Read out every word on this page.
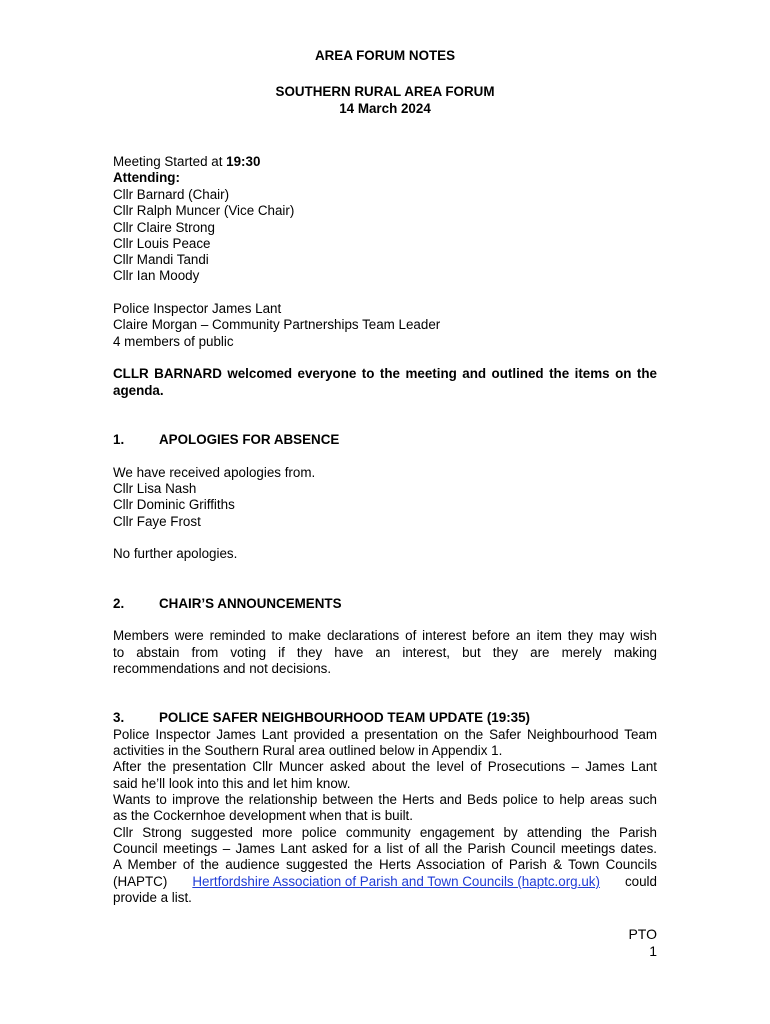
AREA FORUM NOTES
SOUTHERN RURAL AREA FORUM
14 March 2024
Meeting Started at 19:30
Attending:
Cllr Barnard (Chair)
Cllr Ralph Muncer (Vice Chair)
Cllr Claire Strong
Cllr Louis Peace
Cllr Mandi Tandi
Cllr Ian Moody
Police Inspector James Lant
Claire Morgan – Community Partnerships Team Leader
4 members of public
CLLR BARNARD welcomed everyone to the meeting and outlined the items on the
agenda.
1.	APOLOGIES FOR ABSENCE
We have received apologies from.
Cllr Lisa Nash
Cllr Dominic Griffiths
Cllr Faye Frost
No further apologies.
2.	CHAIR’S ANNOUNCEMENTS
Members were reminded to make declarations of interest before an item they may wish
to abstain from voting if they have an interest, but they are merely making
recommendations and not decisions.
3.	POLICE SAFER NEIGHBOURHOOD TEAM UPDATE (19:35)
Police Inspector James Lant provided a presentation on the Safer Neighbourhood Team
activities in the Southern Rural area outlined below in Appendix 1.
After the presentation Cllr Muncer asked about the level of Prosecutions – James Lant
said he’ll look into this and let him know.
Wants to improve the relationship between the Herts and Beds police to help areas such
as the Cockernhoe development when that is built.
Cllr Strong suggested more police community engagement by attending the Parish
Council meetings – James Lant asked for a list of all the Parish Council meetings dates.
A Member of the audience suggested the Herts Association of Parish & Town Councils
(HAPTC) Hertfordshire Association of Parish and Town Councils (haptc.org.uk) could
provide a list.
PTO
1
